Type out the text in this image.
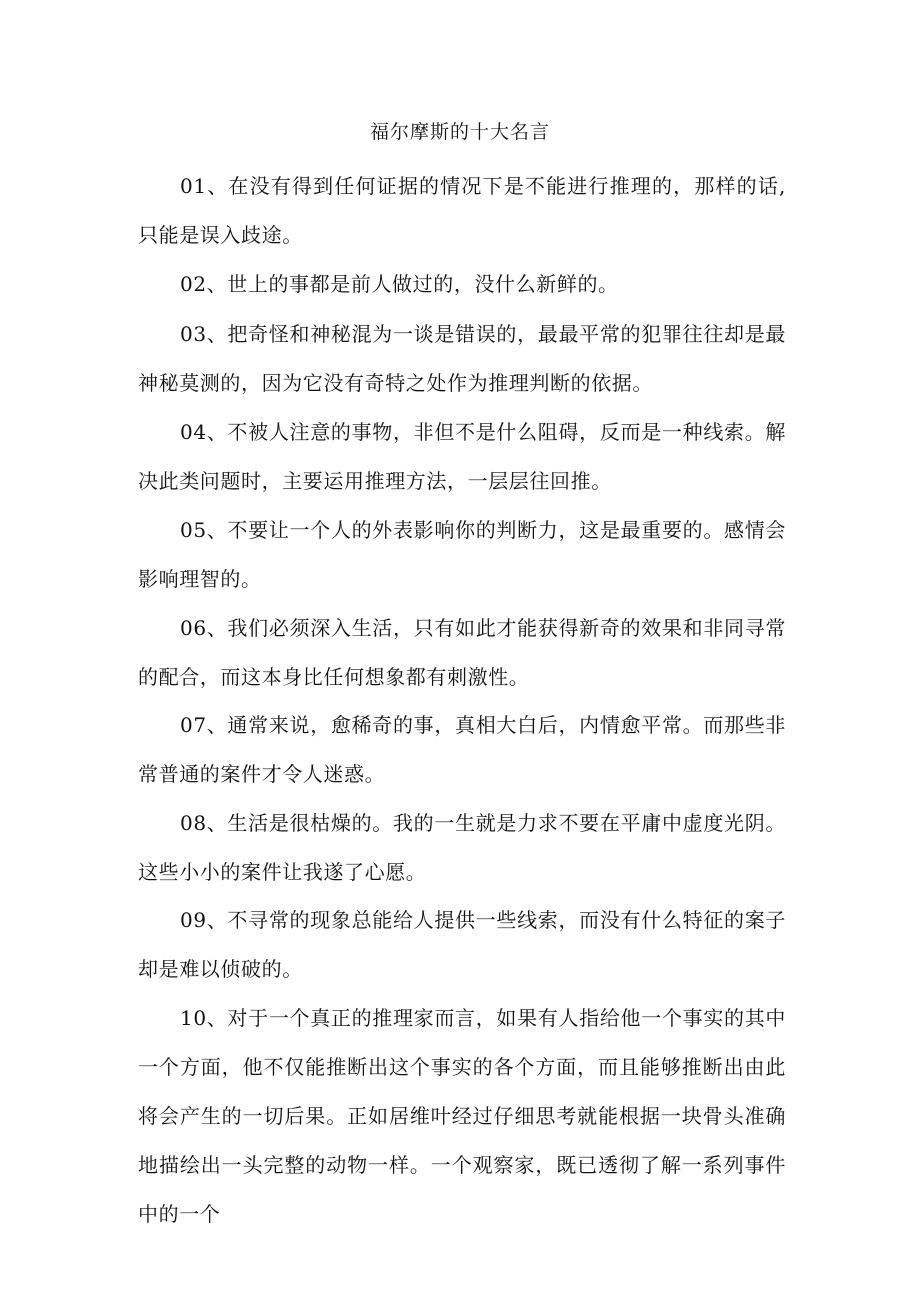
福尔摩斯的十大名言

01、在没有得到任何证据的情况下是不能进行推理的，那样的话,只能是误入歧途。

02、世上的事都是前人做过的，没什么新鲜的。

03、把奇怪和神秘混为一谈是错误的，最最平常的犯罪往往却是最神秘莫测的，因为它没有奇特之处作为推理判断的依据。

04、不被人注意的事物，非但不是什么阻碍，反而是一种线索。解决此类问题时，主要运用推理方法，一层层往回推。

05、不要让一个人的外表影响你的判断力，这是最重要的。感情会影响理智的。

06、我们必须深入生活，只有如此才能获得新奇的效果和非同寻常的配合，而这本身比任何想象都有刺激性。

07、通常来说，愈稀奇的事，真相大白后，内情愈平常。而那些非常普通的案件才令人迷惑。

08、生活是很枯燥的。我的一生就是力求不要在平庸中虚度光阴。这些小小的案件让我遂了心愿。

09、不寻常的现象总能给人提供一些线索，而没有什么特征的案子却是难以侦破的。

10、对于一个真正的推理家而言，如果有人指给他一个事实的其中一个方面，他不仅能推断出这个事实的各个方面，而且能够推断出由此将会产生的一切后果。正如居维叶经过仔细思考就能根据一块骨头准确地描绘出一头完整的动物一样。一个观察家，既已透彻了解一系列事件中的一个
